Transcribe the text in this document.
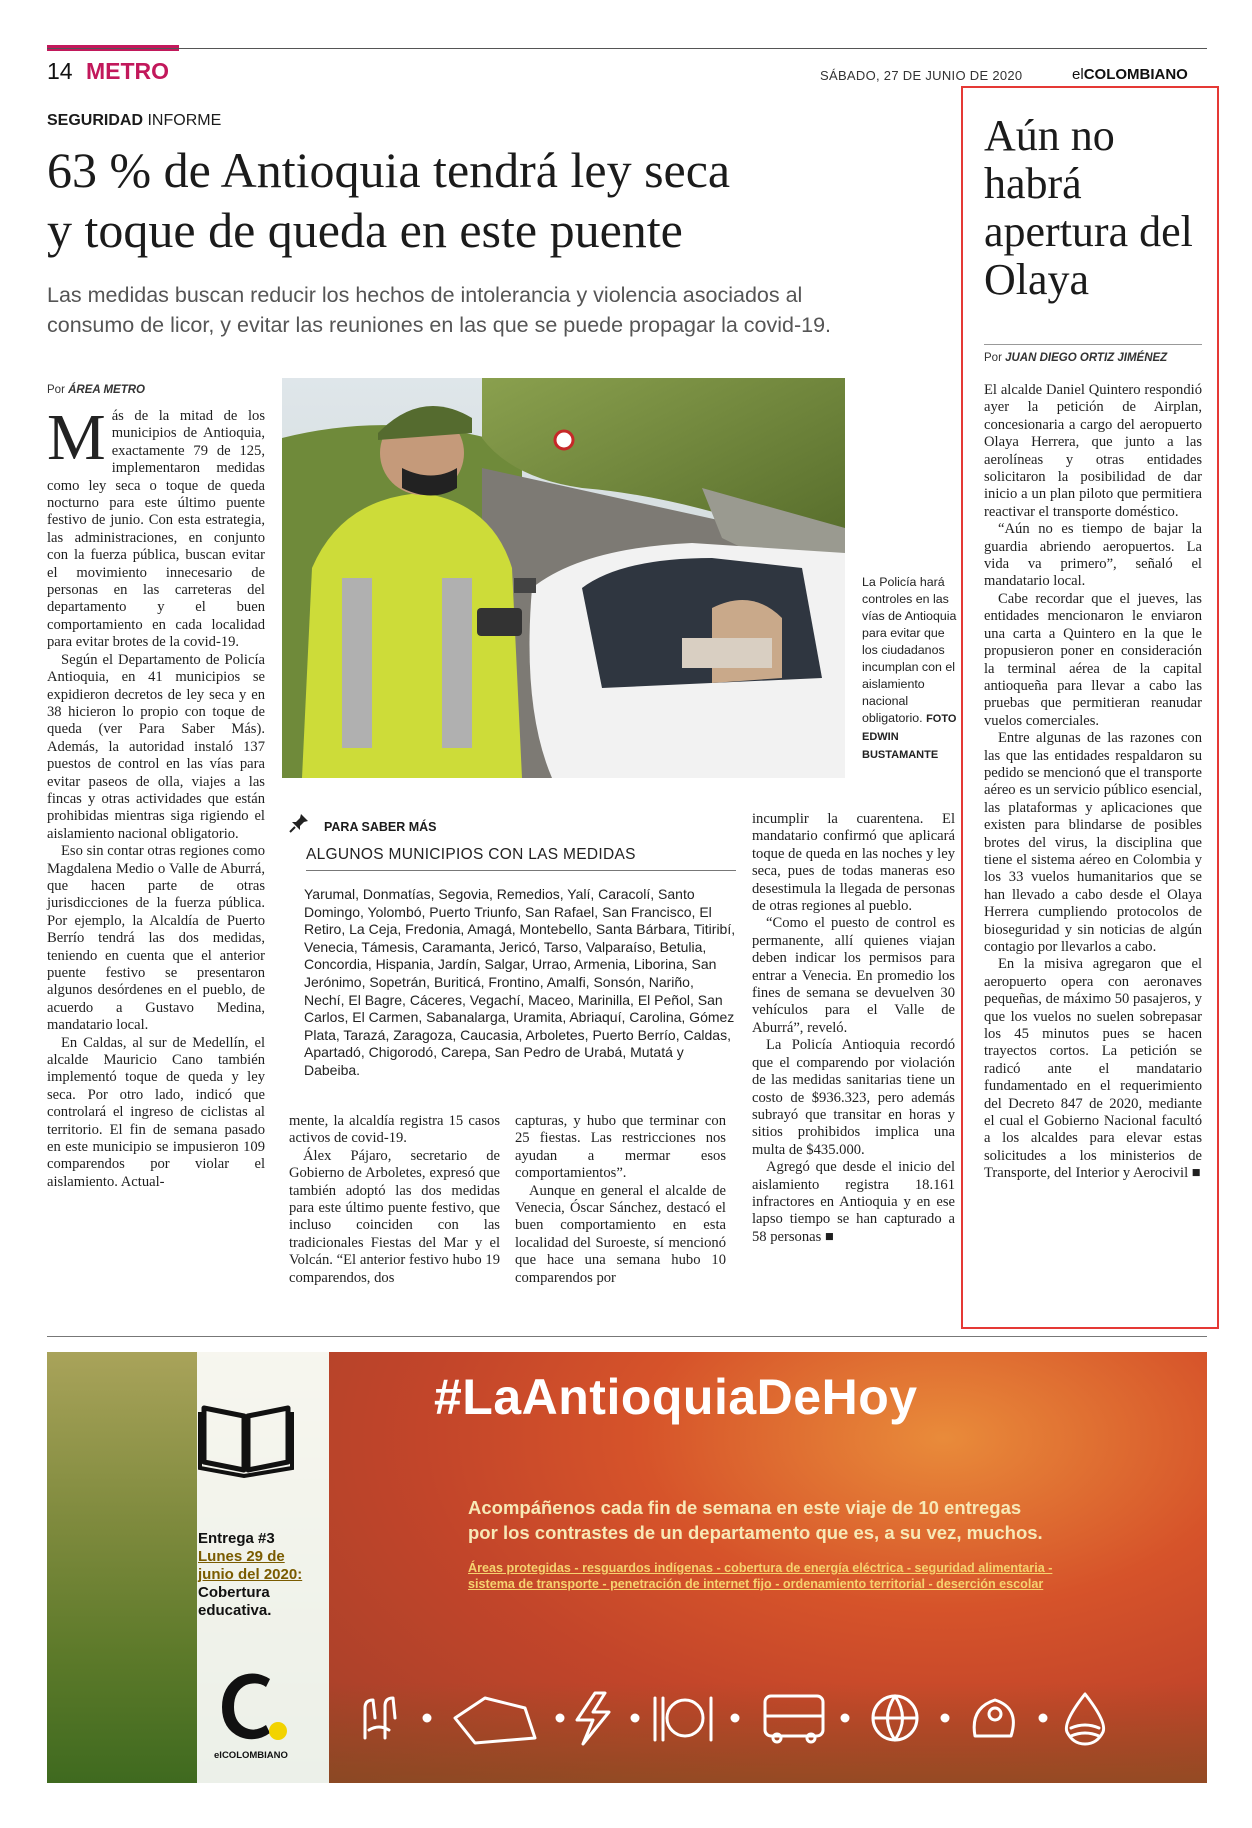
14 METRO	SÁBADO, 27 DE JUNIO DE 2020	elCOLOMBIANO
SEGURIDAD INFORME
63 % de Antioquia tendrá ley seca
y toque de queda en este puente
Las medidas buscan reducir los hechos de intolerancia y violencia asociados al
consumo de licor, y evitar las reuniones en las que se puede propagar la covid-19.
Por ÁREA METRO

Más de la mitad de los municipios de Antioquia, exactamente 79 de 125, implementaron medidas como ley seca o toque de queda nocturno para este último puente festivo de junio. Con esta estrategia, las administraciones, en conjunto con la fuerza pública, buscan evitar el movimiento innecesario de personas en las carreteras del departamento y el buen comportamiento en cada localidad para evitar brotes de la covid-19.

Según el Departamento de Policía Antioquia, en 41 municipios se expidieron decretos de ley seca y en 38 hicieron lo propio con toque de queda (ver Para Saber Más). Además, la autoridad instaló 137 puestos de control en las vías para evitar paseos de olla, viajes a las fincas y otras actividades que están prohibidas mientras siga rigiendo el aislamiento nacional obligatorio.

Eso sin contar otras regiones como Magdalena Medio o Valle de Aburrá, que hacen parte de otras jurisdicciones de la fuerza pública. Por ejemplo, la Alcaldía de Puerto Berrío tendrá las dos medidas, teniendo en cuenta que el anterior puente festivo se presentaron algunos desórdenes en el pueblo, de acuerdo a Gustavo Medina, mandatario local.

En Caldas, al sur de Medellín, el alcalde Mauricio Cano también implementó toque de queda y ley seca. Por otro lado, indicó que controlará el ingreso de ciclistas al territorio. El fin de semana pasado en este municipio se impusieron 109 comparendos por violar el aislamiento. Actual-

La Policía hará controles en las vías de Antioquia para evitar que los ciudadanos incumplan con el aislamiento nacional obligatorio. FOTO EDWIN BUSTAMANTE
PARA SABER MÁS
ALGUNOS MUNICIPIOS CON LAS MEDIDAS
Yarumal, Donmatías, Segovia, Remedios, Yalí, Caracolí, Santo Domingo, Yolombó, Puerto Triunfo, San Rafael, San Francisco, El Retiro, La Ceja, Fredonia, Amagá, Montebello, Santa Bárbara, Titiribí, Venecia, Támesis, Caramanta, Jericó, Tarso, Valparaíso, Betulia, Concordia, Hispania, Jardín, Salgar, Urrao, Armenia, Liborina, San Jerónimo, Sopetrán, Buriticá, Frontino, Amalfi, Sonsón, Nariño, Nechí, El Bagre, Cáceres, Vegachí, Maceo, Marinilla, El Peñol, San Carlos, El Carmen, Sabanalarga, Uramita, Abriaquí, Carolina, Gómez Plata, Tarazá, Zaragoza, Caucasia, Arboletes, Puerto Berrío, Caldas, Apartadó, Chigorodó, Carepa, San Pedro de Urabá, Mutatá y Dabeiba.

mente, la alcaldía registra 15 casos activos de covid-19.

Álex Pájaro, secretario de Gobierno de Arboletes, expresó que también adoptó las dos medidas para este último puente festivo, que incluso coinciden con las tradicionales Fiestas del Mar y el Volcán. “El anterior festivo hubo 19 comparendos, dos

capturas, y hubo que terminar con 25 fiestas. Las restricciones nos ayudan a mermar esos comportamientos”.

Aunque en general el alcalde de Venecia, Óscar Sánchez, destacó el buen comportamiento en esta localidad del Suroeste, sí mencionó que hace una semana hubo 10 comparendos por

incumplir la cuarentena. El mandatario confirmó que aplicará toque de queda en las noches y ley seca, pues de todas maneras eso desestimula la llegada de personas de otras regiones al pueblo.

“Como el puesto de control es permanente, allí quienes viajan deben indicar los permisos para entrar a Venecia. En promedio los fines de semana se devuelven 30 vehículos para el Valle de Aburrá”, reveló.

La Policía Antioquia recordó que el comparendo por violación de las medidas sanitarias tiene un costo de $936.323, pero además subrayó que transitar en horas y sitios prohibidos implica una multa de $435.000.

Agregó que desde el inicio del aislamiento registra 18.161 infractores en Antioquia y en ese lapso tiempo se han capturado a 58 personas ■

Aún no habrá apertura del Olaya
Por JUAN DIEGO ORTIZ JIMÉNEZ

El alcalde Daniel Quintero respondió ayer la petición de Airplan, concesionaria a cargo del aeropuerto Olaya Herrera, que junto a las aerolíneas y otras entidades solicitaron la posibilidad de dar inicio a un plan piloto que permitiera reactivar el transporte doméstico.

“Aún no es tiempo de bajar la guardia abriendo aeropuertos. La vida va primero”, señaló el mandatario local.

Cabe recordar que el jueves, las entidades mencionaron le enviaron una carta a Quintero en la que le propusieron poner en consideración la terminal aérea de la capital antioqueña para llevar a cabo las pruebas que permitieran reanudar vuelos comerciales.

Entre algunas de las razones con las que las entidades respaldaron su pedido se mencionó que el transporte aéreo es un servicio público esencial, las plataformas y aplicaciones que existen para blindarse de posibles brotes del virus, la disciplina que tiene el sistema aéreo en Colombia y los 33 vuelos humanitarios que se han llevado a cabo desde el Olaya Herrera cumpliendo protocolos de bioseguridad y sin noticias de algún contagio por llevarlos a cabo.

En la misiva agregaron que el aeropuerto opera con aeronaves pequeñas, de máximo 50 pasajeros, y que los vuelos no suelen sobrepasar los 45 minutos pues se hacen trayectos cortos. La petición se radicó ante el mandatario fundamentado en el requerimiento del Decreto 847 de 2020, mediante el cual el Gobierno Nacional facultó a los alcaldes para elevar estas solicitudes a los ministerios de Transporte, del Interior y Aerocivil ■

Entrega #3
Lunes 29 de junio del 2020:
Cobertura educativa.
elCOLOMBIANO
#LaAntioquiaDeHoy
Acompáñenos cada fin de semana en este viaje de 10 entregas
por los contrastes de un departamento que es, a su vez, muchos.
Áreas protegidas - resguardos indígenas - cobertura de energía eléctrica - seguridad alimentaria -
sistema de transporte - penetración de internet fijo - ordenamiento territorial - deserción escolar
